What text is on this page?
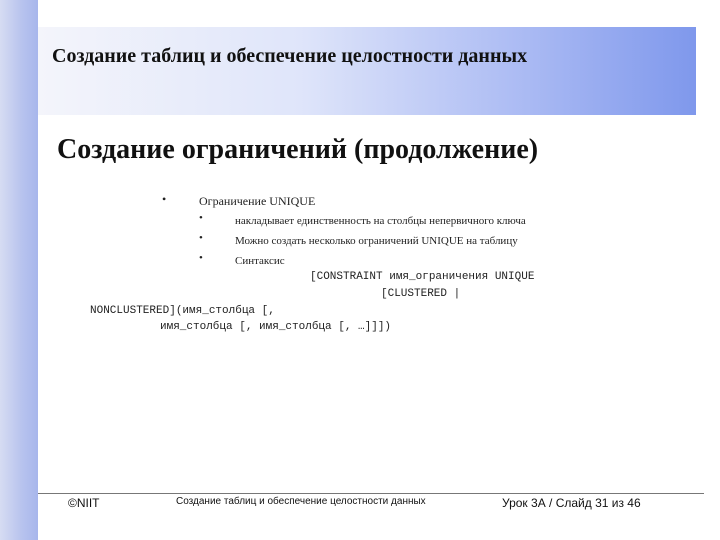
Создание таблиц и обеспечение целостности данных
Создание ограничений (продолжение)
•	Ограничение UNIQUE
•	накладывает единственность на столбцы непервичного ключа
•	Можно создать несколько ограничений UNIQUE на таблицу
•	Синтаксис
[CONSTRAINT имя_ограничения UNIQUE
[CLUSTERED |
NONCLUSTERED](имя_столбца [,
имя_столбца [, имя_столбца [, …]]])
©NIIT	Создание таблиц и обеспечение целостности данных	Урок 3А / Слайд 31 из 46
